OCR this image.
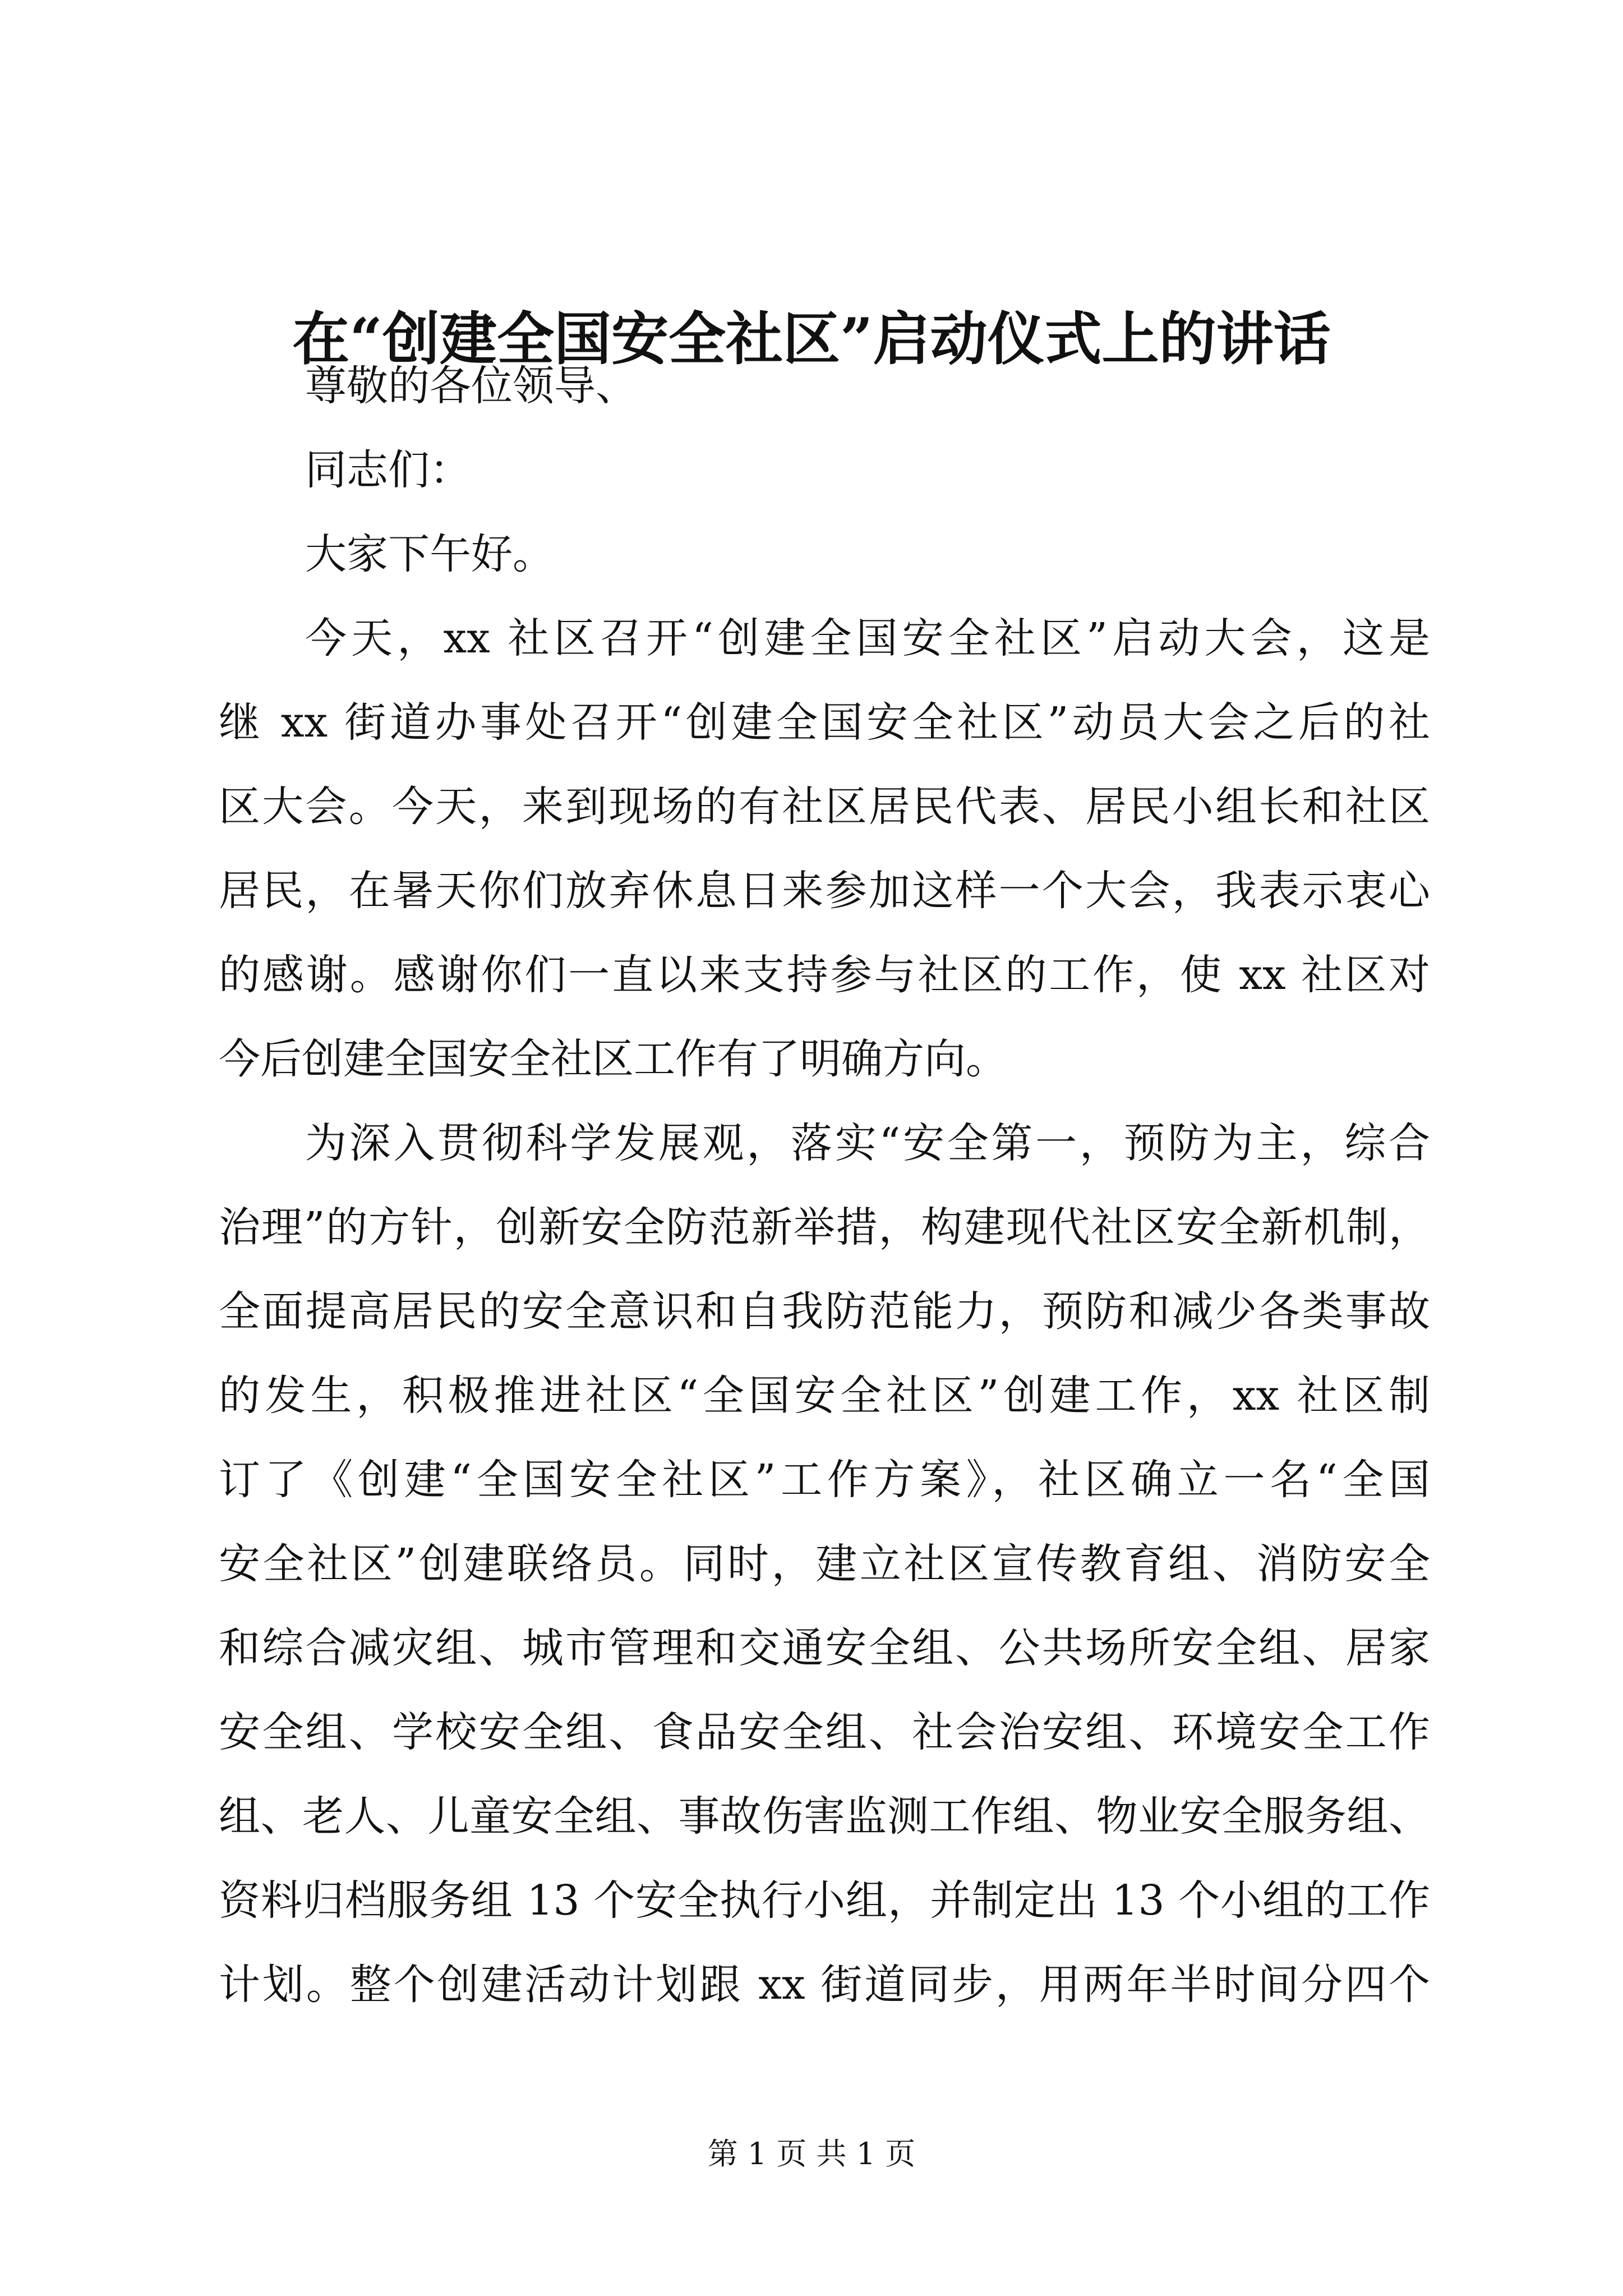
在“创建全国安全社区”启动仪式上的讲话
尊敬的各位领导、
同志们：
大家下午好。
今天，xx 社区召开“创建全国安全社区”启动大会，这是
继 xx 街道办事处召开“创建全国安全社区”动员大会之后的社
区大会。今天，来到现场的有社区居民代表、居民小组长和社区
居民，在暑天你们放弃休息日来参加这样一个大会，我表示衷心
的感谢。感谢你们一直以来支持参与社区的工作，使 xx 社区对
今后创建全国安全社区工作有了明确方向。
为深入贯彻科学发展观，落实“安全第一，预防为主，综合
治理”的方针，创新安全防范新举措，构建现代社区安全新机制，
全面提高居民的安全意识和自我防范能力，预防和减少各类事故
的发生，积极推进社区“全国安全社区”创建工作，xx 社区制
订了《创建“全国安全社区”工作方案》，社区确立一名“全国
安全社区”创建联络员。同时，建立社区宣传教育组、消防安全
和综合减灾组、城市管理和交通安全组、公共场所安全组、居家
安全组、学校安全组、食品安全组、社会治安组、环境安全工作
组、老人、儿童安全组、事故伤害监测工作组、物业安全服务组、
资料归档服务组 13 个安全执行小组，并制定出 13 个小组的工作
计划。整个创建活动计划跟 xx 街道同步，用两年半时间分四个
第 1 页 共 1 页
